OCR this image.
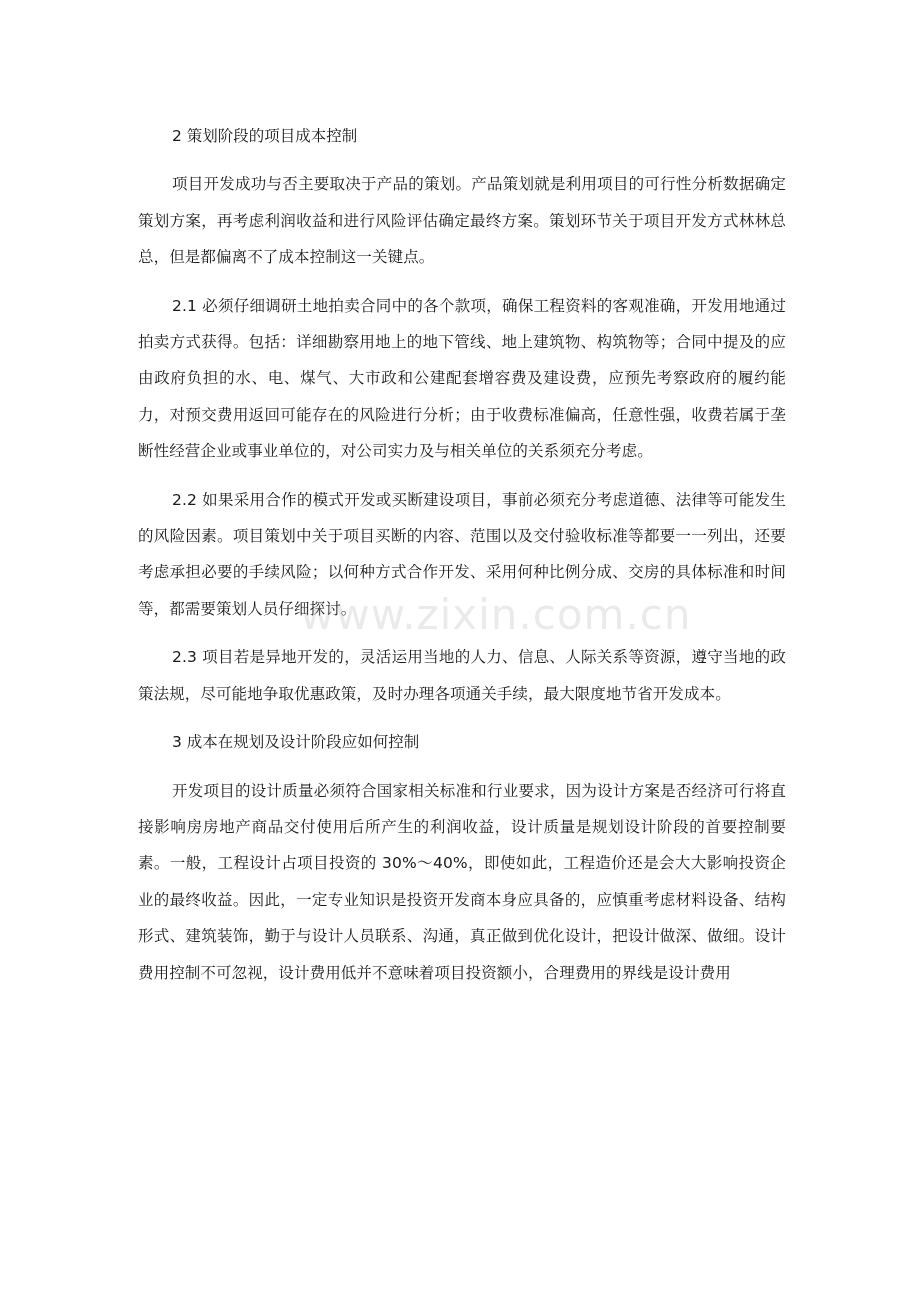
2 策划阶段的项目成本控制

项目开发成功与否主要取决于产品的策划。产品策划就是利用项目的可行性分析数据确定策划方案，再考虑利润收益和进行风险评估确定最终方案。策划环节关于项目开发方式林林总总，但是都偏离不了成本控制这一关键点。

2.1 必须仔细调研土地拍卖合同中的各个款项，确保工程资料的客观准确，开发用地通过拍卖方式获得。包括：详细勘察用地上的地下管线、地上建筑物、构筑物等；合同中提及的应由政府负担的水、电、煤气、大市政和公建配套增容费及建设费，应预先考察政府的履约能力，对预交费用返回可能存在的风险进行分析；由于收费标准偏高，任意性强，收费若属于垄断性经营企业或事业单位的，对公司实力及与相关单位的关系须充分考虑。

2.2 如果采用合作的模式开发或买断建设项目，事前必须充分考虑道德、法律等可能发生的风险因素。项目策划中关于项目买断的内容、范围以及交付验收标准等都要一一列出，还要考虑承担必要的手续风险；以何种方式合作开发、采用何种比例分成、交房的具体标准和时间等，都需要策划人员仔细探讨。

2.3 项目若是异地开发的，灵活运用当地的人力、信息、人际关系等资源，遵守当地的政策法规，尽可能地争取优惠政策，及时办理各项通关手续，最大限度地节省开发成本。

3 成本在规划及设计阶段应如何控制

开发项目的设计质量必须符合国家相关标准和行业要求，因为设计方案是否经济可行将直接影响房房地产商品交付使用后所产生的利润收益，设计质量是规划设计阶段的首要控制要素。一般，工程设计占项目投资的 30%～40%，即使如此，工程造价还是会大大影响投资企业的最终收益。因此，一定专业知识是投资开发商本身应具备的，应慎重考虑材料设备、结构形式、建筑装饰，勤于与设计人员联系、沟通，真正做到优化设计，把设计做深、做细。设计费用控制不可忽视，设计费用低并不意味着项目投资额小，合理费用的界线是设计费用

www.zixin.com.cn
